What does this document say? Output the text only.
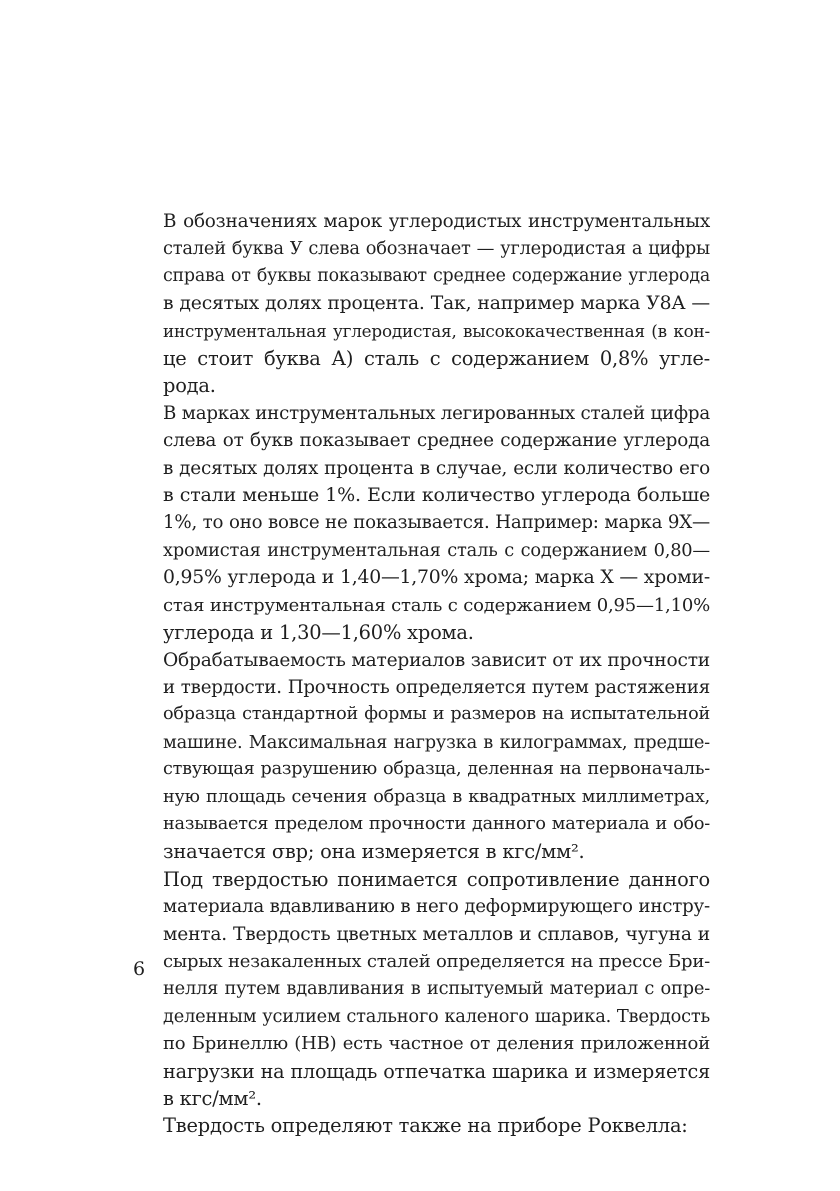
В обозначениях марок углеродистых инструментальных
сталей буква У слева обозначает — углеродистая а цифры
справа от буквы показывают среднее содержание углерода
в десятых долях процента. Так, например марка У8А —
инструментальная углеродистая, высококачественная (в кон-
це стоит буква А) сталь с содержанием 0,8% угле-
рода.

В марках инструментальных легированных сталей цифра
слева от букв показывает среднее содержание углерода
в десятых долях процента в случае, если количество его
в стали меньше 1%. Если количество углерода больше
1%, то оно вовсе не показывается. Например: марка 9Х—
хромистая инструментальная сталь с содержанием 0,80—
0,95% углерода и 1,40—1,70% хрома; марка Х — хроми-
стая инструментальная сталь с содержанием 0,95—1,10%
углерода и 1,30—1,60% хрома.

Обрабатываемость материалов зависит от их прочности
и твердости. Прочность определяется путем растяжения
образца стандартной формы и размеров на испытательной
машине. Максимальная нагрузка в килограммах, предше-
ствующая разрушению образца, деленная на первоначаль-
ную площадь сечения образца в квадратных миллиметрах,
называется пределом прочности данного материала и обо-
значается σвр; она измеряется в кгс/мм².

Под твердостью понимается сопротивление данного
материала вдавливанию в него деформирующего инстру-
мента. Твердость цветных металлов и сплавов, чугуна и
сырых незакаленных сталей определяется на прессе Бри-
нелля путем вдавливания в испытуемый материал с опре-
деленным усилием стального каленого шарика. Твердость
по Бринеллю (НВ) есть частное от деления приложенной
нагрузки на площадь отпечатка шарика и измеряется
в кгс/мм².

Твердость определяют также на приборе Роквелла:

6
